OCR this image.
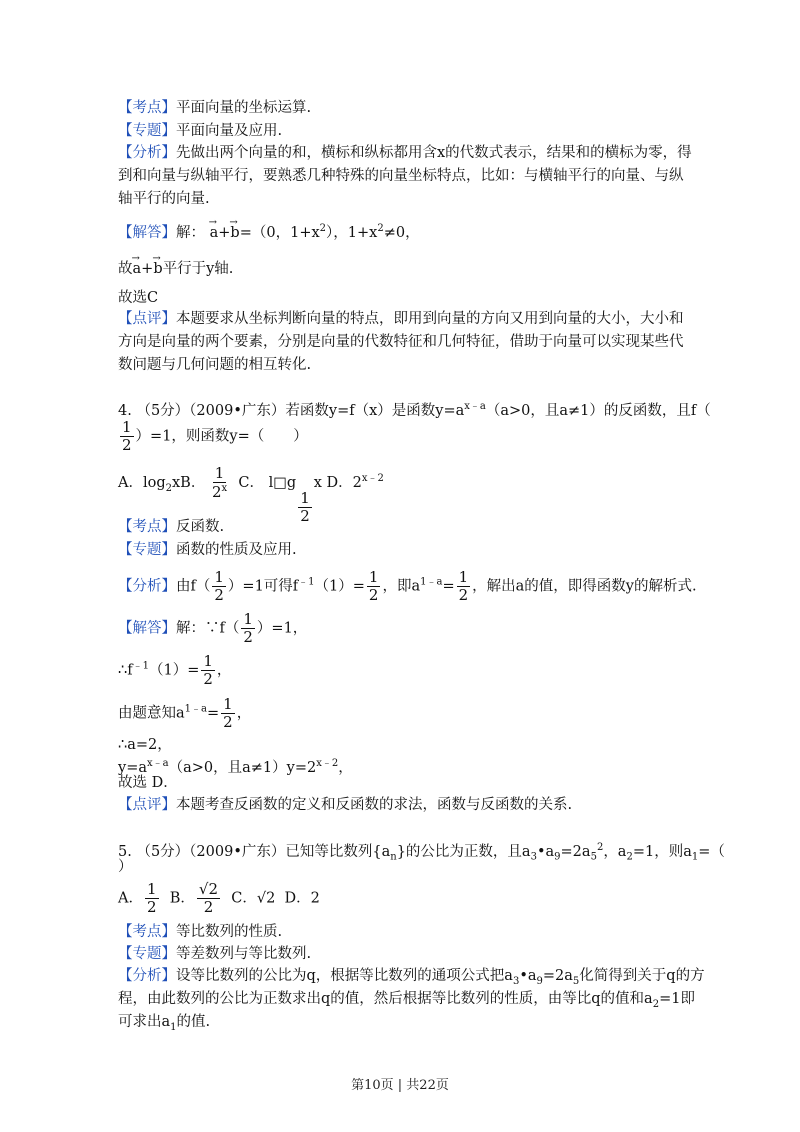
【考点】平面向量的坐标运算.
【专题】平面向量及应用.
【分析】先做出两个向量的和，横标和纵标都用含x的代数式表示，结果和的横标为零，得
到和向量与纵轴平行，要熟悉几种特殊的向量坐标特点，比如：与横轴平行的向量、与纵
轴平行的向量.
【解答】解： → a+→ b=（0，$1+x^2$），$1+x^2\ne 0$，
故→ a+→ b平行于y轴.
故选C
【点评】本题要求从坐标判断向量的特点，即用到向量的方向又用到向量的大小，大小和
方向是向量的两个要素，分别是向量的代数特征和几何特征，借助于向量可以实现某些代
数问题与几何问题的相互转化.
4. （5分）（2009•广东）若函数y=f（x）是函数$y=a^{x﹣a}(a>0$，且a≠1）的反函数，且f（
$\frac{1}{2} )=1$，则函数y=（　　）
A．$\log_2xB$． $\frac{1}{2^x}$ C． l□g
$\frac{1}{2}$
x D．$2^{x﹣2}$
【考点】反函数.
【专题】函数的性质及应用.
【分析】由$f( \frac{1}{2} )=1$可得$f^{﹣1}(1)= \frac{1}{2}$ ，即$a^{1﹣a}= \frac{1}{2}$ ，解出a的值，即得函数y的解析式.
【解答】解：∵f（ $\frac{1}{2} )=1$，
$\therefore f^{﹣1}(1)= \frac{1}{2}$ ，
由题意知$a^{1﹣a}= \frac{1}{2}$ ，
∴a=2，
$y=a^{x﹣a}(a>0$，且$a\ne 1)y=2^{x﹣2}$，
故选 D．
【点评】本题考查反函数的定义和反函数的求法，函数与反函数的关系.
5. （5分）（2009•广东）已知等比数列$\{a_n\}$的公比为正数，且$a_3•a_9=2a_5^2$，$a_2=1$，则$a_1=$（
）
A． $\frac{1}{2}$ B． $\frac{√2}{2}$ C．√2 D．2
【考点】等比数列的性质.
【专题】等差数列与等比数列.
【分析】设等比数列的公比为q，根据等比数列的通项公式把$a_3•a_9=2a_5$化简得到关于q的方
程，由此数列的公比为正数求出q的值，然后根据等比数列的性质，由等比q的值和$a_2=1$即
可求出$a_1$的值.
第10页 | 共22页
